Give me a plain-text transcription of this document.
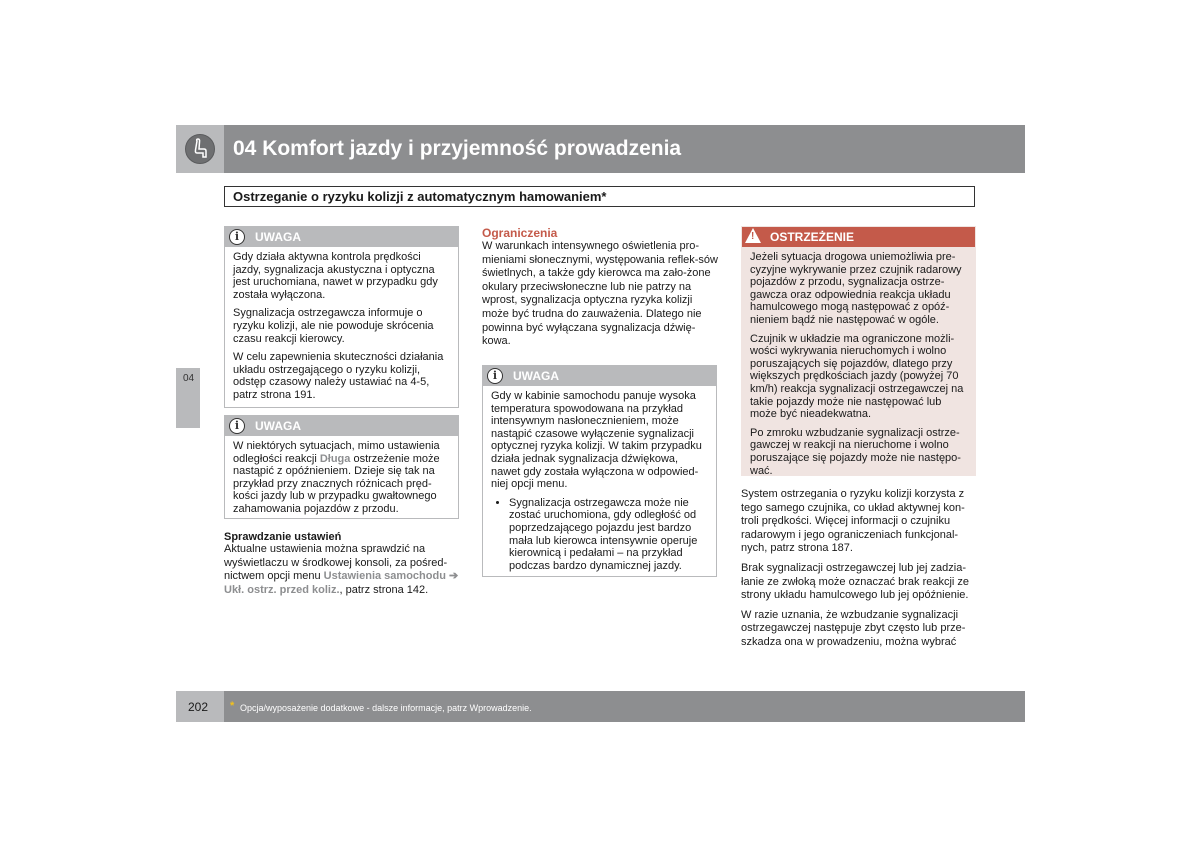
04 Komfort jazdy i przyjemność prowadzenia
Ostrzeganie o ryzyku kolizji z automatycznym hamowaniem*
04
i	UWAGA

Gdy działa aktywna kontrola prędkości jazdy, sygnalizacja akustyczna i optyczna jest uruchomiana, nawet w przypadku gdy została wyłączona.

Sygnalizacja ostrzegawcza informuje o ryzyku kolizji, ale nie powoduje skrócenia czasu reakcji kierowcy.

W celu zapewnienia skuteczności działania układu ostrzegającego o ryzyku kolizji, odstęp czasowy należy ustawiać na 4-5, patrz strona 191.

i	UWAGA

W niektórych sytuacjach, mimo ustawienia odległości reakcji Długa ostrzeżenie może nastąpić z opóźnieniem. Dzieje się tak na przykład przy znacznych różnicach pręd-kości jazdy lub w przypadku gwałtownego zahamowania pojazdów z przodu.

Sprawdzanie ustawień
Aktualne ustawienia można sprawdzić na wyświetlaczu w środkowej konsoli, za pośred-nictwem opcji menu Ustawienia samochodu ➔ Ukł. ostrz. przed koliz., patrz strona 142.
Ograniczenia
W warunkach intensywnego oświetlenia pro-mieniami słonecznymi, występowania reflek-sów świetlnych, a także gdy kierowca ma zało-żone okulary przeciwsłoneczne lub nie patrzy na wprost, sygnalizacja optyczna ryzyka kolizji może być trudna do zauważenia. Dlatego nie powinna być wyłączana sygnalizacja dźwię-kowa.
i	UWAGA

Gdy w kabinie samochodu panuje wysoka temperatura spowodowana na przykład intensywnym nasłonecznieniem, może nastąpić czasowe wyłączenie sygnalizacji optycznej ryzyka kolizji. W takim przypadku działa jednak sygnalizacja dźwiękowa, nawet gdy została wyłączona w odpowied-niej opcji menu.

• Sygnalizacja ostrzegawcza może nie zostać uruchomiona, gdy odległość od poprzedzającego pojazdu jest bardzo mała lub kierowca intensywnie operuje kierownicą i pedałami – na przykład podczas bardzo dynamicznej jazdy.
! OSTRZEŻENIE

Jeżeli sytuacja drogowa uniemożliwia pre-cyzyjne wykrywanie przez czujnik radarowy pojazdów z przodu, sygnalizacja ostrze-gawcza oraz odpowiednia reakcja układu hamulcowego mogą następować z opóź-nieniem bądź nie następować w ogóle.

Czujnik w układzie ma ograniczone możli-wości wykrywania nieruchomych i wolno poruszających się pojazdów, dlatego przy większych prędkościach jazdy (powyżej 70 km/h) reakcja sygnalizacji ostrzegawczej na takie pojazdy może nie następować lub może być nieadekwatna.

Po zmroku wzbudzanie sygnalizacji ostrze-gawczej w reakcji na nieruchome i wolno poruszające się pojazdy może nie następo-wać.

System ostrzegania o ryzyku kolizji korzysta z tego samego czujnika, co układ aktywnej kon-troli prędkości. Więcej informacji o czujniku radarowym i jego ograniczeniach funkcjonal-nych, patrz strona 187.

Brak sygnalizacji ostrzegawczej lub jej zadzia-łanie ze zwłoką może oznaczać brak reakcji ze strony układu hamulcowego lub jej opóźnienie.

W razie uznania, że wzbudzanie sygnalizacji ostrzegawczej następuje zbyt często lub prze-szkadza ona w prowadzeniu, można wybrać

202 * Opcja/wyposażenie dodatkowe - dalsze informacje, patrz Wprowadzenie.
